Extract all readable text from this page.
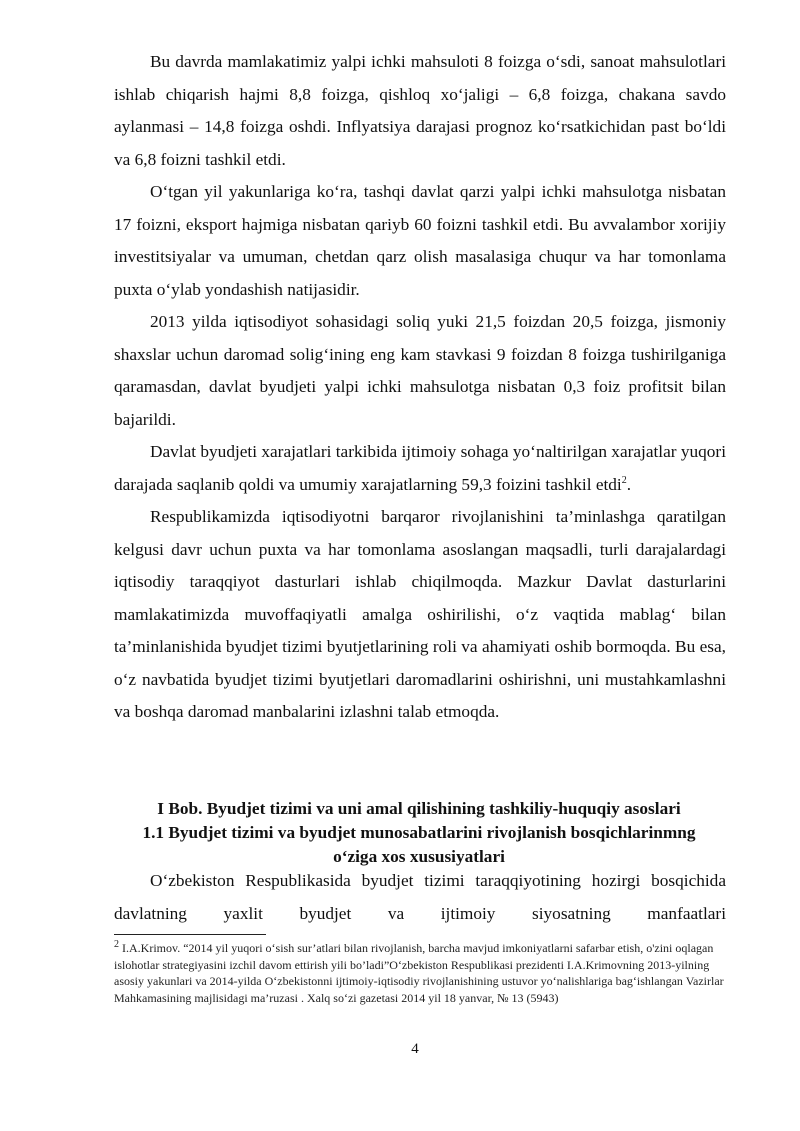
Bu davrda mamlakatimiz yalpi ichki mahsuloti 8 foizga o‘sdi, sanoat mahsulotlari ishlab chiqarish hajmi 8,8 foizga, qishloq xo‘jaligi – 6,8 foizga, chakana savdo aylanmasi – 14,8 foizga oshdi. Inflyatsiya darajasi prognoz ko‘rsatkichidan past bo‘ldi va 6,8 foizni tashkil etdi.

O‘tgan yil yakunlariga ko‘ra, tashqi davlat qarzi yalpi ichki mahsulotga nisbatan 17 foizni, eksport hajmiga nisbatan qariyb 60 foizni tashkil etdi. Bu avvalambor xorijiy investitsiyalar va umuman, chetdan qarz olish masalasiga chuqur va har tomonlama puxta o‘ylab yondashish natijasidir.

2013 yilda iqtisodiyot sohasidagi soliq yuki 21,5 foizdan 20,5 foizga, jismoniy shaxslar uchun daromad solig‘ining eng kam stavkasi 9 foizdan 8 foizga tushirilganiga qaramasdan, davlat byudjeti yalpi ichki mahsulotga nisbatan 0,3 foiz profitsit bilan bajarildi.

Davlat byudjeti xarajatlari tarkibida ijtimoiy sohaga yo‘naltirilgan xarajatlar yuqori darajada saqlanib qoldi va umumiy xarajatlarning 59,3 foizini tashkil etdi$^2$.

Respublikamizda iqtisodiyotni barqaror rivojlanishini ta’minlashga qaratilgan kelgusi davr uchun puxta va har tomonlama asoslangan maqsadli, turli darajalardagi iqtisodiy taraqqiyot dasturlari ishlab chiqilmoqda. Mazkur Davlat dasturlarini mamlakatimizda muvoffaqiyatli amalga oshirilishi, o‘z vaqtida mablag‘ bilan ta’minlanishida byudjet tizimi byutjetlarining roli va ahamiyati oshib bormoqda. Bu esa, o‘z navbatida byudjet tizimi byutjetlari daromadlarini oshirishni, uni mustahkamlashni va boshqa daromad manbalarini izlashni talab etmoqda.

I Bob. Byudjet tizimi va uni amal qilishining tashkiliy-huquqiy asoslari
1.1 Byudjet tizimi va byudjet munosabatlarini rivojlanish bosqichlarinmng
o‘ziga xos xususiyatlari

O‘zbekiston Respublikasida byudjet tizimi taraqqiyotining hozirgi bosqichida davlatning yaxlit byudjet va ijtimoiy siyosatning manfaatlari

$^2$ I.A.Krimov. “2014 yil yuqori o‘sish sur’atlari bilan rivojlanish, barcha mavjud imkoniyatlarni safarbar etish, o'zini oqlagan islohotlar strategiyasini izchil davom ettirish yili bo’ladi”O‘zbekiston Respublikasi prezidenti I.A.Krimovning 2013-yilning asosiy yakunlari va 2014-yilda O‘zbekistonni ijtimoiy-iqtisodiy rivojlanishining ustuvor yo‘nalishlariga bag‘ishlangan Vazirlar Mahkamasining majlisidagi ma’ruzasi . Xalq so‘zi gazetasi 2014 yil 18 yanvar, № 13 (5943)

4
